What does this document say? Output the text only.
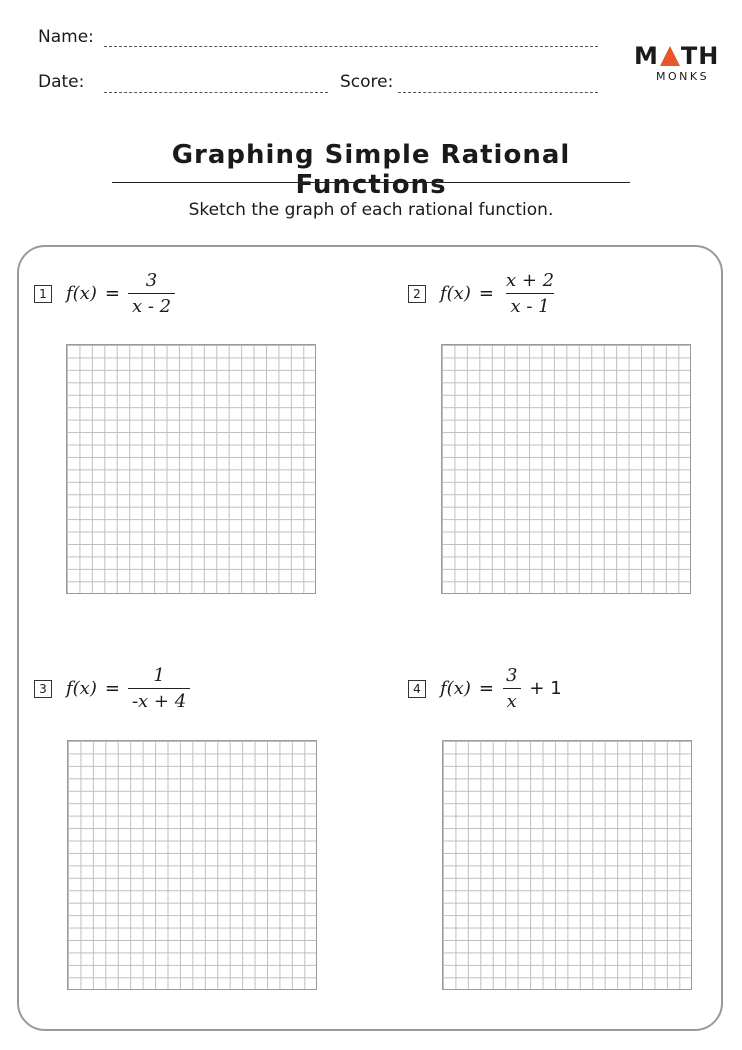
Name:
Date:	Score:
M TH
MONKS
Graphing Simple Rational Functions
Sketch the graph of each rational function.
1 $f(x) = \frac{3}{x - 2}$	2 $f(x) = \frac{x + 2}{x - 1}$
3 $f(x) = \frac{1}{-x + 4}$	4 $f(x) = \frac{3}{x} + 1$
